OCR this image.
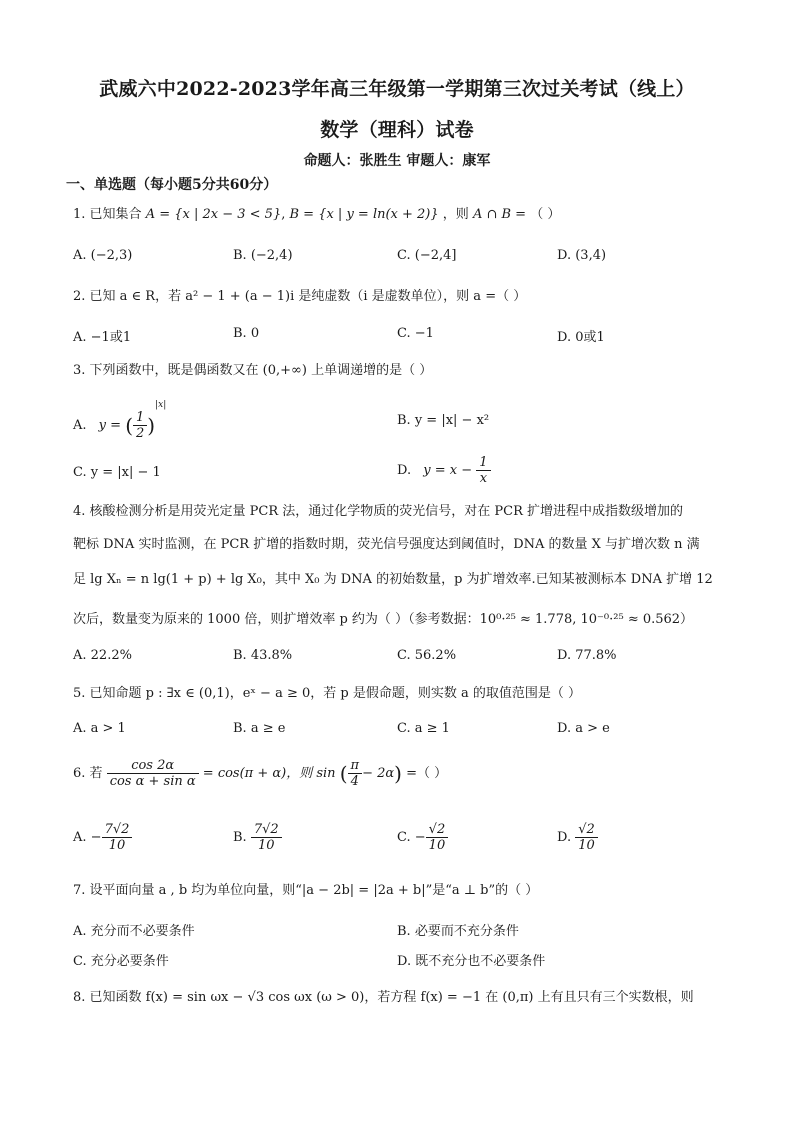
武威六中2022-2023学年高三年级第一学期第三次过关考试（线上）
数学（理科）试卷
命题人：张胜生 审题人：康军
一、单选题（每小题5分共60分）
1. 已知集合 A = {x | 2x − 3 < 5}, B = {x | y = ln(x + 2)} ，则 A ∩ B = （ ）
A. (−2,3)	B. (−2,4)	C. (−2,4]	D. (3,4)
2. 已知 a ∈ R，若 a² − 1 + (a − 1)i 是纯虚数（i 是虚数单位），则 a =（ ）
A. −1或1	B. 0	C. −1	D. 0或1
3. 下列函数中，既是偶函数又在 (0,+∞) 上单调递增的是（ ）
A. y = ( $\frac{1}{2} )^{|x|}$
B. y = |x| − x²
C. y = |x| − 1	D. $y = x - \frac{1}{x}$
4. 核酸检测分析是用荧光定量 PCR 法，通过化学物质的荧光信号，对在 PCR 扩增进程中成指数级增加的
靶标 DNA 实时监测，在 PCR 扩增的指数时期，荧光信号强度达到阈值时，DNA 的数量 X 与扩增次数 n 满
足 lg Xₙ = n lg(1 + p) + lg X₀，其中 X₀ 为 DNA 的初始数量，p 为扩增效率.已知某被测标本 DNA 扩增 12
次后，数量变为原来的 1000 倍，则扩增效率 p 约为（ ）（参考数据：10⁰·²⁵ ≈ 1.778, 10⁻⁰·²⁵ ≈ 0.562）
A. 22.2%	B. 43.8%	C. 56.2%	D. 77.8%
5. 已知命题 p : ∃x ∈ (0,1)，eˣ − a ≥ 0，若 p 是假命题，则实数 a 的取值范围是（ ）
A. a > 1	B. a ≥ e	C. a ≥ 1	D. a > e
6. 若 $\frac{\cos 2\alpha}{\text{cos α + sin α}} = \cos(\pi + \alpha)$，则 sin ( $\frac{\pi}{4} - 2\alpha$) =（ ）
A. − $\frac{7√2}{10}$	B. $\frac{7√2}{10}$	C. − $\frac{√2}{10}$	D. $\frac{√2}{10}$
7. 设平面向量 a , b 均为单位向量，则“|a − 2b| = |2a + b|”是“a ⊥ b”的（ ）
A. 充分而不必要条件	B. 必要而不充分条件
C. 充分必要条件	D. 既不充分也不必要条件
8. 已知函数 f(x) = sin ωx − √3 cos ωx (ω > 0)，若方程 f(x) = −1 在 (0,π) 上有且只有三个实数根，则
